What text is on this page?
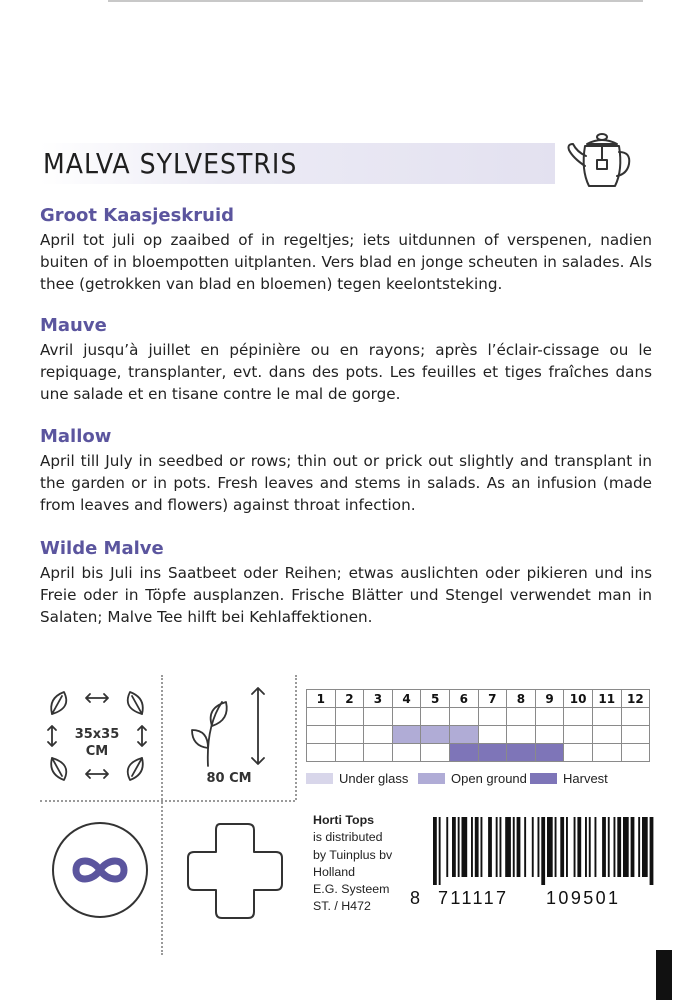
MALVA SYLVESTRIS
Groot Kaasjeskruid

April tot juli op zaaibed of in regeltjes; iets uitdunnen of verspenen, nadien buiten of in bloempotten uitplanten. Vers blad en jonge scheuten in salades. Als thee (getrokken van blad en bloemen) tegen keelontsteking.

Mauve

Avril jusqu’à juillet en pépinière ou en rayons; après l’éclair-cissage ou le repiquage, transplanter, evt. dans des pots. Les feuilles et tiges fraîches dans une salade et en tisane contre le mal de gorge.

Mallow

April till July in seedbed or rows; thin out or prick out slightly and transplant in the garden or in pots. Fresh leaves and stems in salads. As an infusion (made from leaves and flowers) against throat infection.

Wilde Malve

April bis Juli ins Saatbeet oder Reihen; etwas auslichten oder pikieren und ins Freie oder in Töpfe ausplanzen. Frische Blätter und Stengel verwendet man in Salaten; Malve Tee hilft bei Kehlaffektionen.

35x35
CM
80 CM
1	2	3	4	5	6	7	8	9	10	11	12

Under glass	Open ground	Harvest
Horti Tops
is distributed
by Tuinplus bv
Holland
E.G. Systeem
ST. / H472	8 711117	109501
